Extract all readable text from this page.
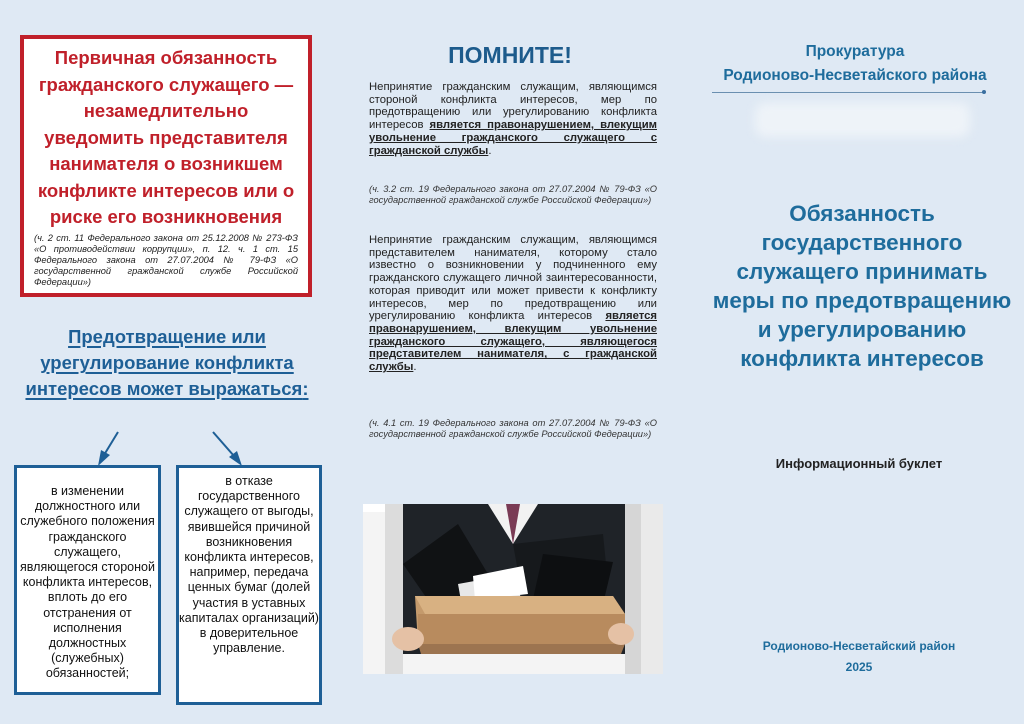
Первичная обязанность гражданского служащего — незамедлительно уведомить представителя нанимателя о возникшем конфликте интересов или о риске его возникновения
(ч. 2 ст. 11 Федерального закона от 25.12.2008 № 273-ФЗ «О противодействии коррупции», п. 12. ч. 1 ст. 15 Федерального закона от 27.07.2004 № 79-ФЗ «О государственной гражданской службе Российской Федерации»)
Предотвращение или урегулирование конфликта интересов может выражаться:
в изменении должностного или служебного положения гражданского служащего, являющегося стороной конфликта интересов, вплоть до его отстранения от исполнения должностных (служебных) обязанностей;
в отказе государственного служащего от выгоды, явившейся причиной возникновения конфликта интересов, например, передача ценных бумаг (долей участия в уставных капиталах организаций) в доверительное управление.
ПОМНИТЕ!
Непринятие гражданским служащим, являющимся стороной конфликта интересов, мер по предотвращению или урегулированию конфликта интересов является правонарушением, влекущим увольнение гражданского служащего с гражданской службы.
(ч. 3.2 ст. 19 Федерального закона от 27.07.2004 № 79-ФЗ «О государственной гражданской службе Российской Федерации»)
Непринятие гражданским служащим, являющимся представителем нанимателя, которому стало известно о возникновении у подчиненного ему гражданского служащего личной заинтересованности, которая приводит или может привести к конфликту интересов, мер по предотвращению или урегулированию конфликта интересов является правонарушением, влекущим увольнение гражданского служащего, являющегося представителем нанимателя, с гражданской службы.
(ч. 4.1 ст. 19 Федерального закона от 27.07.2004 № 79-ФЗ «О государственной гражданской службе Российской Федерации»)
Прокуратура
Родионово-Несветайского района
Обязанность государственного служащего принимать меры по предотвращению и урегулированию конфликта интересов
Информационный буклет
Родионово-Несветайский район
2025
